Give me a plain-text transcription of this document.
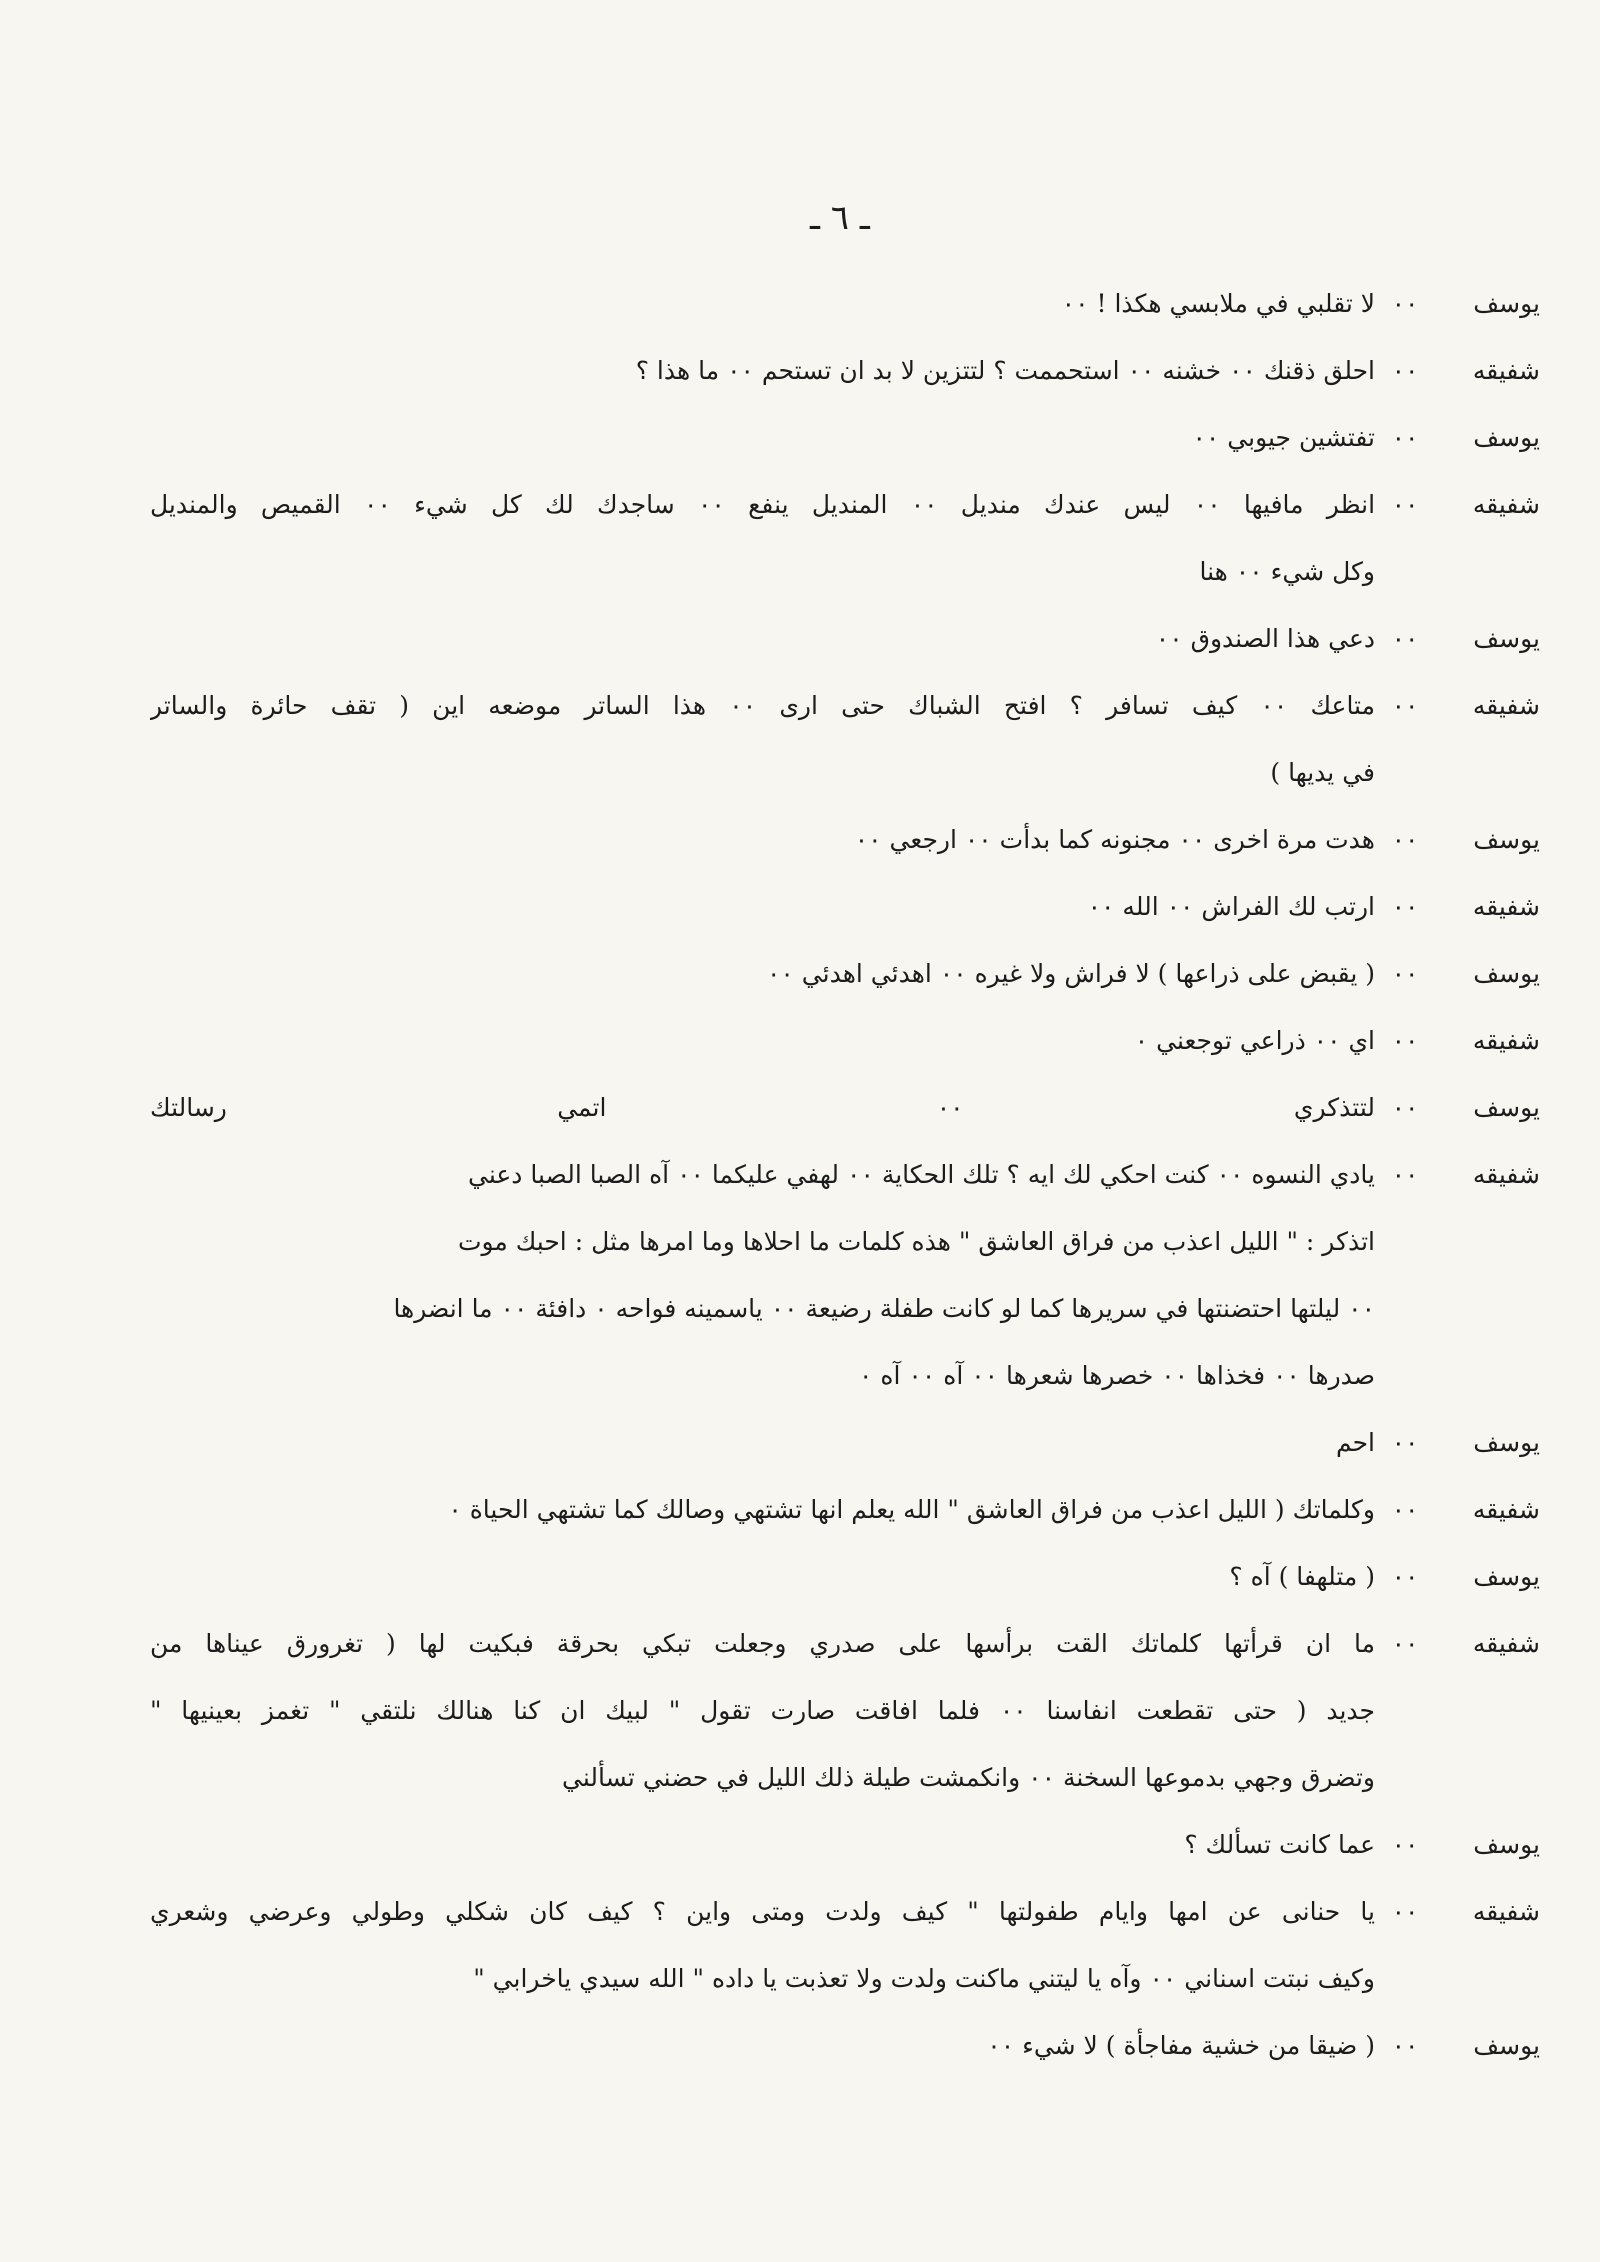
ـ ٦ ـ
يوسف
٠٠
لا تقلبي في ملابسي هكذا ! ٠٠
شفيقه
٠٠
احلق ذقنك ٠٠ خشنه ٠٠ استحممت ؟ لتتزين لا بد ان تستحم ٠٠ ما هذا ؟
يوسف
٠٠
تفتشين جيوبي ٠٠
شفيقه
٠٠
انظر مافيها ٠٠ ليس عندك منديل ٠٠ المنديل ينفع ٠٠ ساجدك لك كل شيء ٠٠ القميص والمنديل
وكل شيء ٠٠ هنا
يوسف
٠٠
دعي هذا الصندوق ٠٠
شفيقه
٠٠
متاعك ٠٠ كيف تسافر ؟ افتح الشباك حتى ارى ٠٠ هذا الساتر موضعه اين ( تقف حائرة والساتر
في يديها )
يوسف
٠٠
هدت مرة اخرى ٠٠ مجنونه كما بدأت ٠٠ ارجعي ٠٠
شفيقه
٠٠
ارتب لك الفراش ٠٠ الله ٠٠
يوسف
٠٠
( يقبض على ذراعها ) لا فراش ولا غيره ٠٠ اهدئي اهدئي ٠٠
شفيقه
٠٠
اي ٠٠ ذراعي توجعني ٠
يوسف
٠٠
لتتذكري ٠٠ اتمي رسالتك
شفيقه
٠٠
يادي النسوه ٠٠ كنت احكي لك ايه ؟ تلك الحكاية ٠٠ لهفي عليكما ٠٠ آه الصبا الصبا دعني
اتذكر : " الليل اعذب من فراق العاشق " هذه كلمات ما احلاها وما امرها مثل : احبك موت
٠٠ ليلتها احتضنتها في سريرها كما لو كانت طفلة رضيعة ٠٠ ياسمينه فواحه ٠ دافئة ٠٠ ما انضرها
صدرها ٠٠ فخذاها ٠٠ خصرها شعرها ٠٠ آه ٠٠ آه ٠
يوسف
٠٠
احم
شفيقه
٠٠
وكلماتك ( الليل اعذب من فراق العاشق " الله يعلم انها تشتهي وصالك كما تشتهي الحياة ٠
يوسف
٠٠
( متلهفا ) آه ؟
شفيقه
٠٠
ما ان قرأتها كلماتك القت برأسها على صدري وجعلت تبكي بحرقة فبكيت لها ( تغرورق عيناها من
جديد ( حتى تقطعت انفاسنا ٠٠ فلما افاقت صارت تقول " لبيك ان كنا هنالك نلتقي " تغمز بعينيها "
وتضرق وجهي بدموعها السخنة ٠٠ وانكمشت طيلة ذلك الليل في حضني تسألني
يوسف
٠٠
عما كانت تسألك ؟
شفيقه
٠٠
يا حنانى عن امها وايام طفولتها " كيف ولدت ومتى واين ؟ كيف كان شكلي وطولي وعرضي وشعري
وكيف نبتت اسناني ٠٠ وآه يا ليتني ماكنت ولدت ولا تعذبت يا داده " الله سيدي ياخرابي "
يوسف
٠٠
( ضيقا من خشية مفاجأة ) لا شيء ٠٠
